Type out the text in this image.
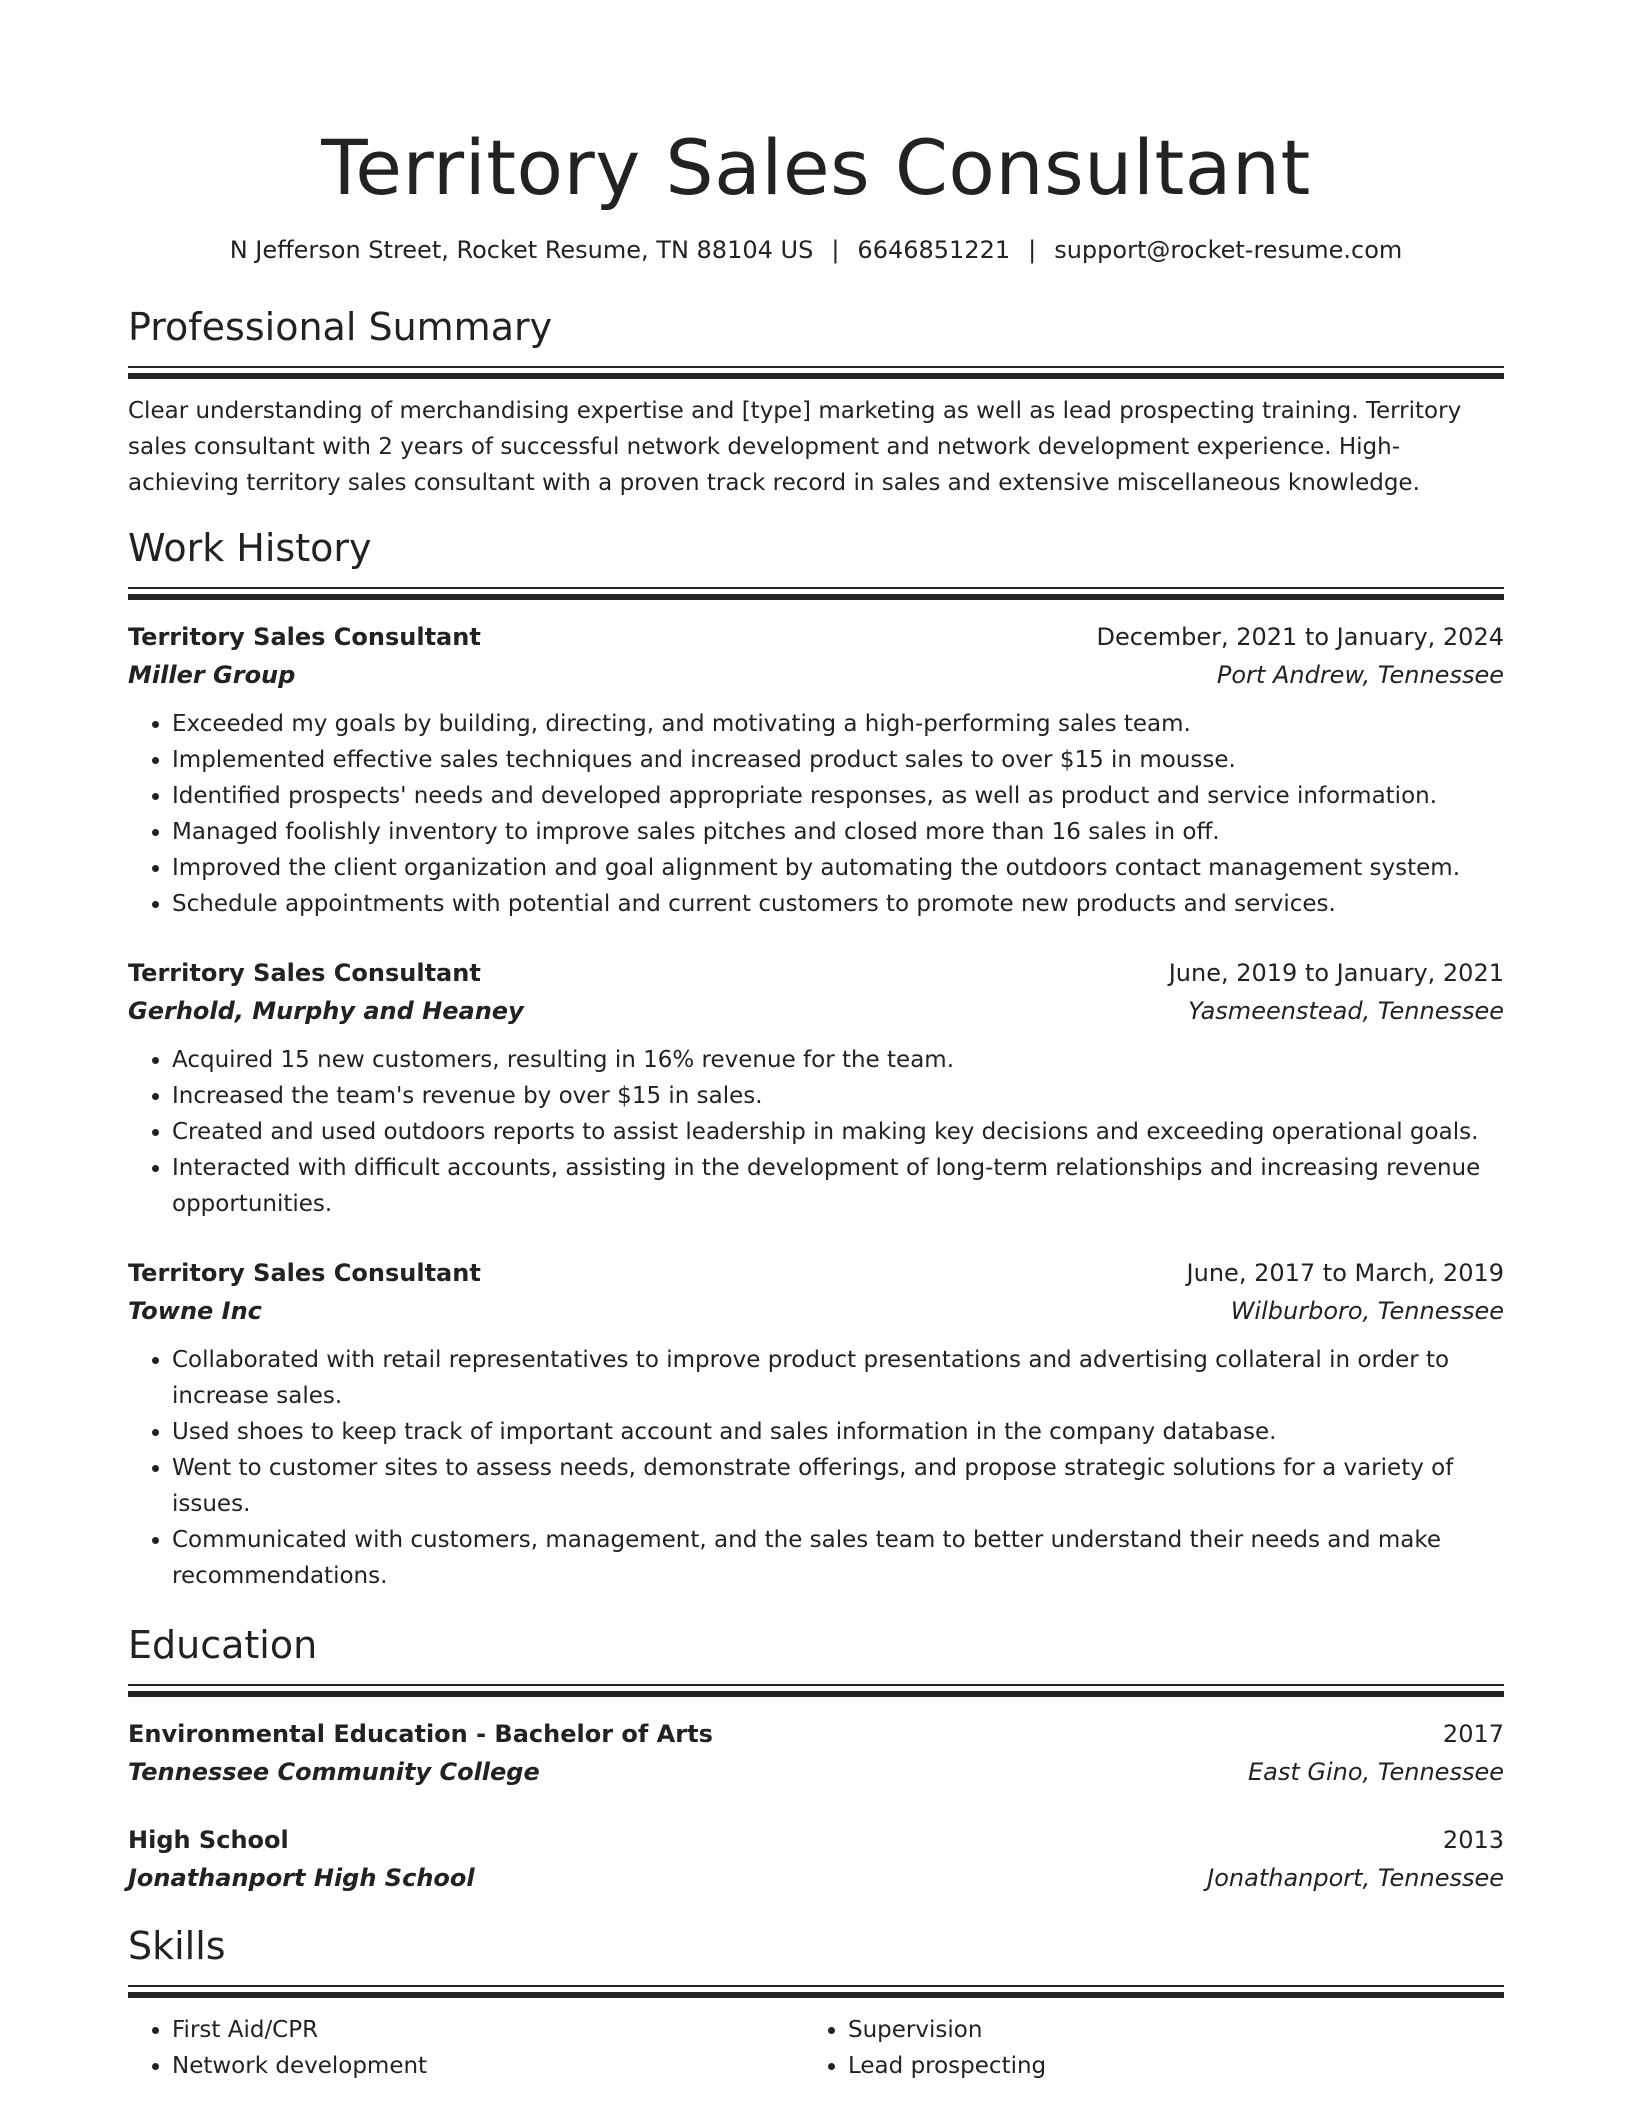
Territory Sales Consultant
N Jefferson Street, Rocket Resume, TN 88104 US | 6646851221 | support@rocket-resume.com
Professional Summary
Clear understanding of merchandising expertise and [type] marketing as well as lead prospecting training. Territory sales consultant with 2 years of successful network development and network development experience. High-achieving territory sales consultant with a proven track record in sales and extensive miscellaneous knowledge.
Work History
Territory Sales Consultant	December, 2021 to January, 2024
Miller Group	Port Andrew, Tennessee
• Exceeded my goals by building, directing, and motivating a high-performing sales team.
• Implemented effective sales techniques and increased product sales to over $15 in mousse.
• Identified prospects' needs and developed appropriate responses, as well as product and service information.
• Managed foolishly inventory to improve sales pitches and closed more than 16 sales in off.
• Improved the client organization and goal alignment by automating the outdoors contact management system.
• Schedule appointments with potential and current customers to promote new products and services.
Territory Sales Consultant	June, 2019 to January, 2021
Gerhold, Murphy and Heaney	Yasmeenstead, Tennessee
• Acquired 15 new customers, resulting in 16% revenue for the team.
• Increased the team's revenue by over $15 in sales.
• Created and used outdoors reports to assist leadership in making key decisions and exceeding operational goals.
• Interacted with difficult accounts, assisting in the development of long-term relationships and increasing revenue opportunities.
Territory Sales Consultant	June, 2017 to March, 2019
Towne Inc	Wilburboro, Tennessee
• Collaborated with retail representatives to improve product presentations and advertising collateral in order to increase sales.
• Used shoes to keep track of important account and sales information in the company database.
• Went to customer sites to assess needs, demonstrate offerings, and propose strategic solutions for a variety of issues.
• Communicated with customers, management, and the sales team to better understand their needs and make recommendations.
Education
Environmental Education - Bachelor of Arts	2017
Tennessee Community College	East Gino, Tennessee
High School	2013
Jonathanport High School	Jonathanport, Tennessee
Skills
• First Aid/CPR
• Network development
• Supervision
• Lead prospecting
